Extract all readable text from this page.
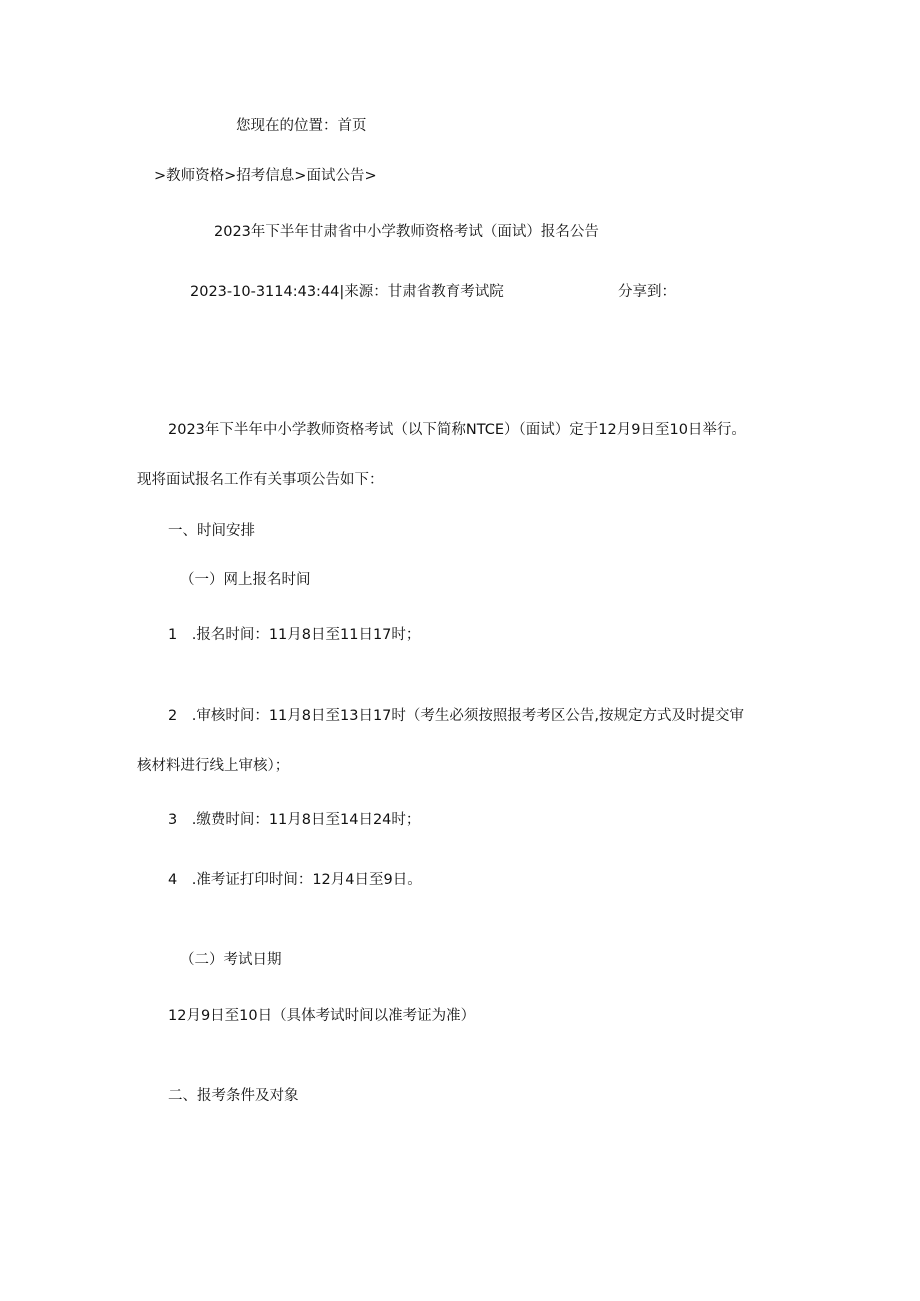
您现在的位置：首页
>教师资格>招考信息>面试公告>
2023年下半年甘肃省中小学教师资格考试（面试）报名公告
2023-10-3114:43:44|来源：甘肃省教育考试院	分享到：
2023年下半年中小学教师资格考试（以下简称NTCE）（面试）定于12月9日至10日举行。
现将面试报名工作有关事项公告如下：
一、时间安排
（一）网上报名时间
1　.报名时间：11月8日至11日17时；
2　.审核时间：11月8日至13日17时（考生必须按照报考考区公告,按规定方式及时提交审
核材料进行线上审核）；
3　.缴费时间：11月8日至14日24时；
4　.准考证打印时间：12月4日至9日。
（二）考试日期
12月9日至10日（具体考试时间以准考证为准）
二、报考条件及对象
